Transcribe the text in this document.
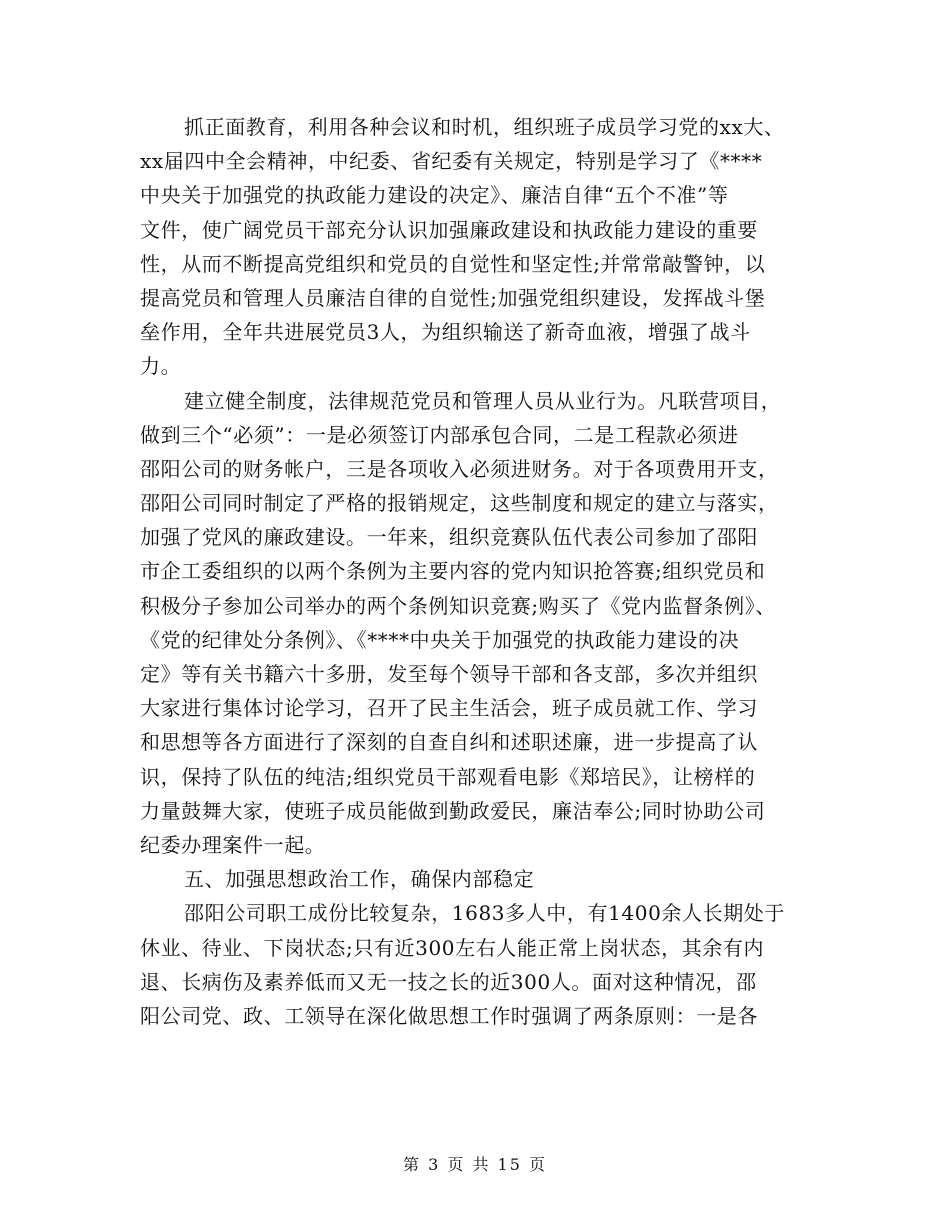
抓正面教育，利用各种会议和时机，组织班子成员学习党的xx大、
xx届四中全会精神，中纪委、省纪委有关规定，特别是学习了《****
中央关于加强党的执政能力建设的决定》、廉洁自律“五个不准”等
文件，使广阔党员干部充分认识加强廉政建设和执政能力建设的重要
性，从而不断提高党组织和党员的自觉性和坚定性;并常常敲警钟，以
提高党员和管理人员廉洁自律的自觉性;加强党组织建设，发挥战斗堡
垒作用，全年共进展党员3人，为组织输送了新奇血液，增强了战斗
力。
建立健全制度，法律规范党员和管理人员从业行为。凡联营项目，
做到三个“必须”：一是必须签订内部承包合同，二是工程款必须进
邵阳公司的财务帐户，三是各项收入必须进财务。对于各项费用开支，
邵阳公司同时制定了严格的报销规定，这些制度和规定的建立与落实，
加强了党风的廉政建设。一年来，组织竞赛队伍代表公司参加了邵阳
市企工委组织的以两个条例为主要内容的党内知识抢答赛;组织党员和
积极分子参加公司举办的两个条例知识竞赛;购买了《党内监督条例》、
《党的纪律处分条例》、《****中央关于加强党的执政能力建设的决
定》等有关书籍六十多册，发至每个领导干部和各支部，多次并组织
大家进行集体讨论学习，召开了民主生活会，班子成员就工作、学习
和思想等各方面进行了深刻的自查自纠和述职述廉，进一步提高了认
识，保持了队伍的纯洁;组织党员干部观看电影《郑培民》，让榜样的
力量鼓舞大家，使班子成员能做到勤政爱民，廉洁奉公;同时协助公司
纪委办理案件一起。
五、加强思想政治工作，确保内部稳定
邵阳公司职工成份比较复杂，1683多人中，有1400余人长期处于
休业、待业、下岗状态;只有近300左右人能正常上岗状态，其余有内
退、长病伤及素养低而又无一技之长的近300人。面对这种情况，邵
阳公司党、政、工领导在深化做思想工作时强调了两条原则：一是各
第 3 页 共 15 页
